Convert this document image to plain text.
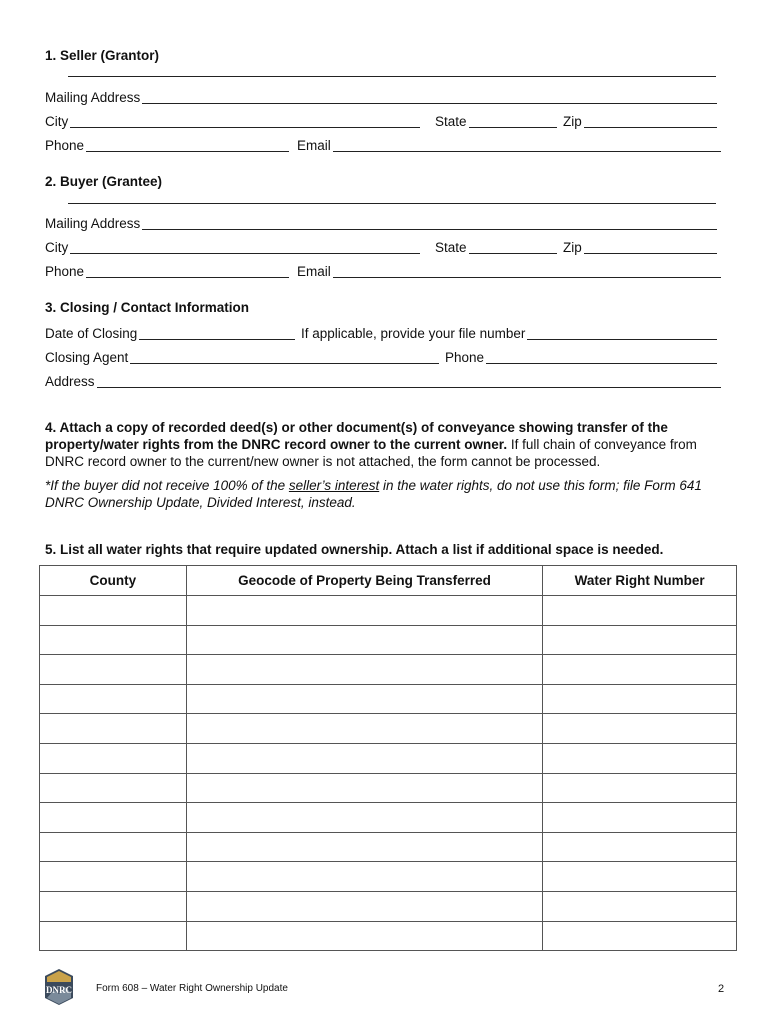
1. Seller (Grantor)
Mailing Address
City	State	Zip
Phone	Email
2. Buyer (Grantee)
Mailing Address
City	State	Zip
Phone	Email
3. Closing / Contact Information
Date of Closing	If applicable, provide your file number
Closing Agent	Phone
Address
4. Attach a copy of recorded deed(s) or other document(s) of conveyance showing transfer of the property/water rights from the DNRC record owner to the current owner. If full chain of conveyance from DNRC record owner to the current/new owner is not attached, the form cannot be processed.
*If the buyer did not receive 100% of the seller’s interest in the water rights, do not use this form; file Form 641 DNRC Ownership Update, Divided Interest, instead.
5. List all water rights that require updated ownership. Attach a list if additional space is needed.
County	Geocode of Property Being Transferred	Water Right Number

DNRC Form 608 – Water Right Ownership Update	2
